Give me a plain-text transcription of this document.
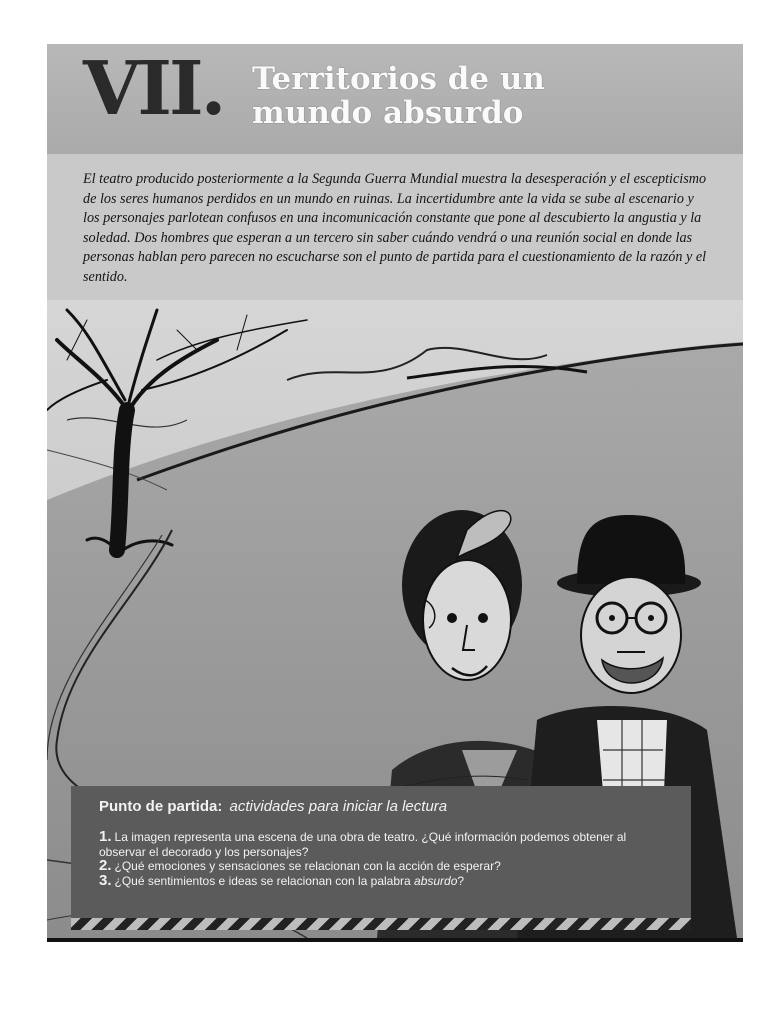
VII. Territorios de un
mundo absurdo

El teatro producido posteriormente a la Segunda Guerra Mundial muestra la desesperación y el escepticismo de los seres humanos perdidos en un mundo en ruinas. La incertidumbre ante la vida se sube al escenario y los personajes parlotean confusos en una incomunicación constante que pone al descubierto la angustia y la soledad. Dos hombres que esperan a un tercero sin saber cuándo vendrá o una reunión social en donde las personas hablan pero parecen no escucharse son el punto de partida para el cuestionamiento de la razón y el sentido.

Punto de partida: actividades para iniciar la lectura

1. La imagen representa una escena de una obra de teatro. ¿Qué información podemos obtener al observar el decorado y los personajes?

2. ¿Qué emociones y sensaciones se relacionan con la acción de esperar?

3. ¿Qué sentimientos e ideas se relacionan con la palabra absurdo?
